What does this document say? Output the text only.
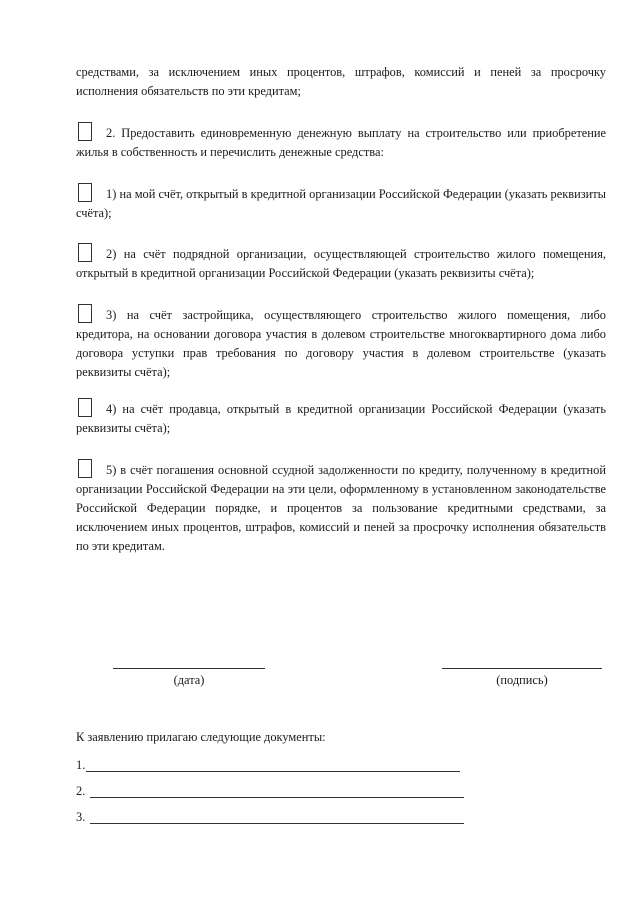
средствами, за исключением иных процентов, штрафов, комиссий и пеней за просрочку исполнения обязательств по эти кредитам;
2. Предоставить единовременную денежную выплату на строительство или приобретение жилья в собственность и перечислить денежные средства:
1) на мой счёт, открытый в кредитной организации Российской Федерации (указать реквизиты счёта);
2) на счёт подрядной организации, осуществляющей строительство жилого помещения, открытый в кредитной организации Российской Федерации (указать реквизиты счёта);
3) на счёт застройщика, осуществляющего строительство жилого помещения, либо кредитора, на основании договора участия в долевом строительстве многоквартирного дома либо договора уступки прав требования по договору участия в долевом строительстве (указать реквизиты счёта);
4) на счёт продавца, открытый в кредитной организации Российской Федерации (указать реквизиты счёта);
5) в счёт погашения основной ссудной задолженности по кредиту, полученному в кредитной организации Российской Федерации на эти цели, оформленному в установленном законодательстве Российской Федерации порядке, и процентов за пользование кредитными средствами, за исключением иных процентов, штрафов, комиссий и пеней за просрочку исполнения обязательств по эти кредитам.
(дата)	(подпись)
К заявлению прилагаю следующие документы:
1.
2.
3.
